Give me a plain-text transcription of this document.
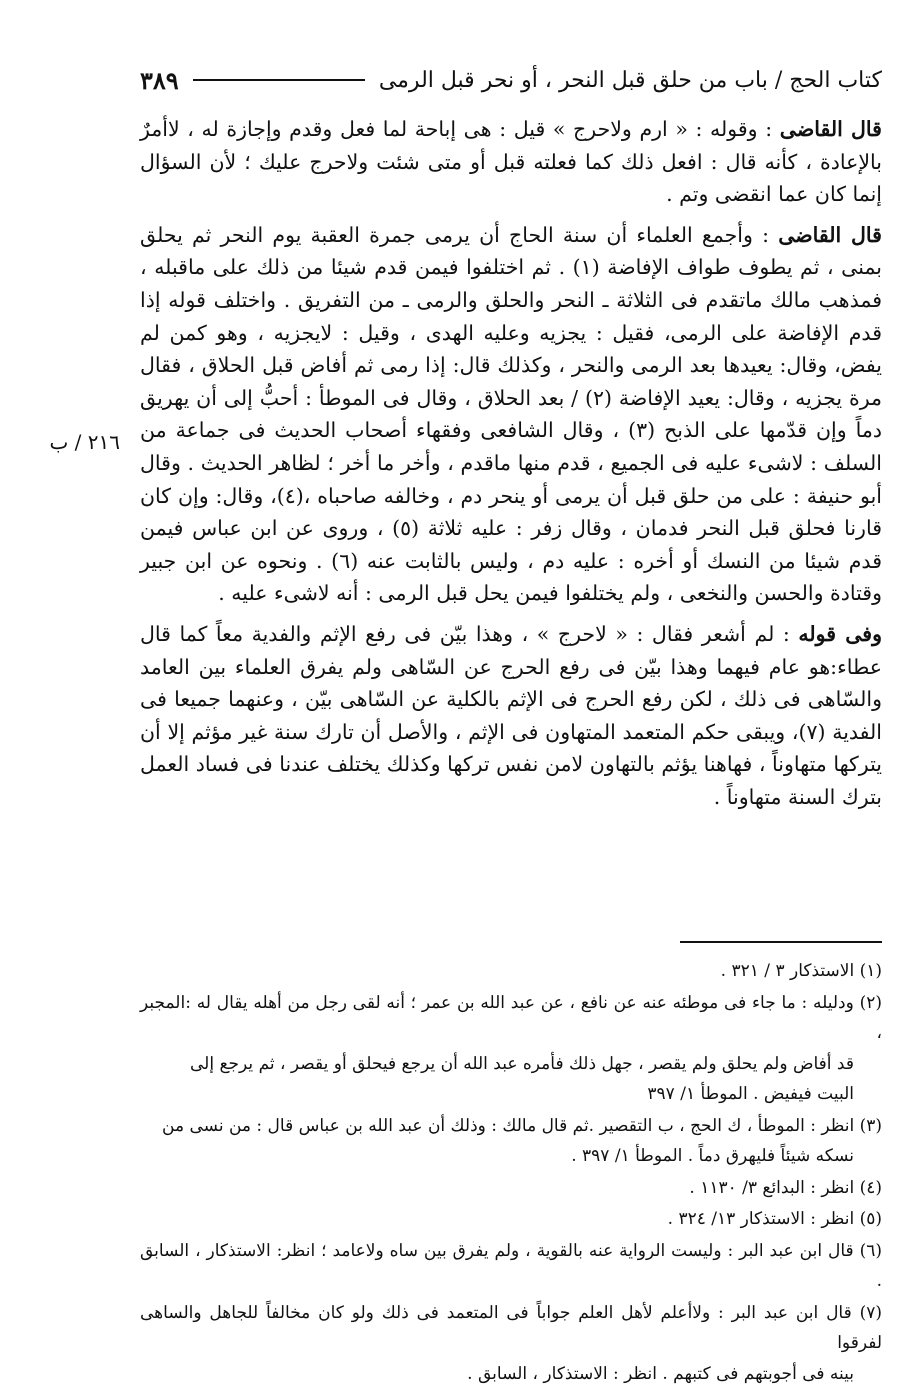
كتاب الحج / باب من حلق قبل النحر ، أو نحر قبل الرمى
٣٨٩
٢١٦ / ب

قال القاضى : وقوله : « ارم ولاحرج » قيل : هى إباحة لما فعل وقدم وإجازة له ، لاأمرٌ بالإعادة ، كأنه قال : افعل ذلك كما فعلته قبل أو متى شئت ولاحرج عليك ؛ لأن السؤال إنما كان عما انقضى وتم .

قال القاضى : وأجمع العلماء أن سنة الحاج أن يرمى جمرة العقبة يوم النحر ثم يحلق بمنى ، ثم يطوف طواف الإفاضة (١) . ثم اختلفوا فيمن قدم شيئا من ذلك على ماقبله ، فمذهب مالك ماتقدم فى الثلاثة ـ النحر والحلق والرمى ـ من التفريق . واختلف قوله إذا قدم الإفاضة على الرمى، فقيل : يجزيه وعليه الهدى ، وقيل : لايجزيه ، وهو كمن لم يفض، وقال: يعيدها بعد الرمى والنحر ، وكذلك قال: إذا رمى ثم أفاض قبل الحلاق ، فقال مرة يجزيه ، وقال: يعيد الإفاضة (٢) / بعد الحلاق ، وقال فى الموطأ : أحبُّ إلى أن يهريق دماً وإن قدّمها على الذبح (٣) ، وقال الشافعى وفقهاء أصحاب الحديث فى جماعة من السلف : لاشىء عليه فى الجميع ، قدم منها ماقدم ، وأخر ما أخر ؛ لظاهر الحديث . وقال أبو حنيفة : على من حلق قبل أن يرمى أو ينحر دم ، وخالفه صاحباه ،(٤)، وقال: وإن كان قارنا فحلق قبل النحر فدمان ، وقال زفر : عليه ثلاثة (٥) ، وروى عن ابن عباس فيمن قدم شيئا من النسك أو أخره : عليه دم ، وليس بالثابت عنه (٦) . ونحوه عن ابن جبير وقتادة والحسن والنخعى ، ولم يختلفوا فيمن يحل قبل الرمى : أنه لاشىء عليه .

وفى قوله : لم أشعر فقال : « لاحرج » ، وهذا بيّن فى رفع الإثم والفدية معاً كما قال عطاء:هو عام فيهما وهذا بيّن فى رفع الحرج عن السّاهى ولم يفرق العلماء بين العامد والسّاهى فى ذلك ، لكن رفع الحرج فى الإثم بالكلية عن السّاهى بيّن ، وعنهما جميعا فى الفدية (٧)، ويبقى حكم المتعمد المتهاون فى الإثم ، والأصل أن تارك سنة غير مؤثم إلا أن يتركها متهاوناً ، فهاهنا يؤثم بالتهاون لامن نفس تركها وكذلك يختلف عندنا فى فساد العمل بترك السنة متهاوناً .

(١) الاستذكار ٣ / ٣٢١ .
(٢) ودليله : ما جاء فى موطئه عنه عن نافع ، عن عبد الله بن عمر ؛ أنه لقى رجل من أهله يقال له :المجبر ،
قد أفاض ولم يحلق ولم يقصر ، جهل ذلك فأمره عبد الله أن يرجع فيحلق أو يقصر ، ثم يرجع إلى
البيت فيفيض . الموطأ ١/ ٣٩٧
(٣) انظر : الموطأ ، ك الحج ، ب التقصير .ثم قال مالك : وذلك أن عبد الله بن عباس قال : من نسى من
نسكه شيئاً فليهرق دماً . الموطأ ١/ ٣٩٧ .
(٤) انظر : البدائع ٣/ ١١٣٠ .
(٥) انظر : الاستذكار ١٣/ ٣٢٤ .
(٦) قال ابن عبد البر : وليست الرواية عنه بالقوية ، ولم يفرق بين ساه ولاعامد ؛ انظر: الاستذكار ، السابق .
(٧) قال ابن عبد البر : ولاأعلم لأهل العلم جواباً فى المتعمد فى ذلك ولو كان مخالفاً للجاهل والساهى لفرقوا
بينه فى أجوبتهم فى كتبهم . انظر : الاستذكار ، السابق .
